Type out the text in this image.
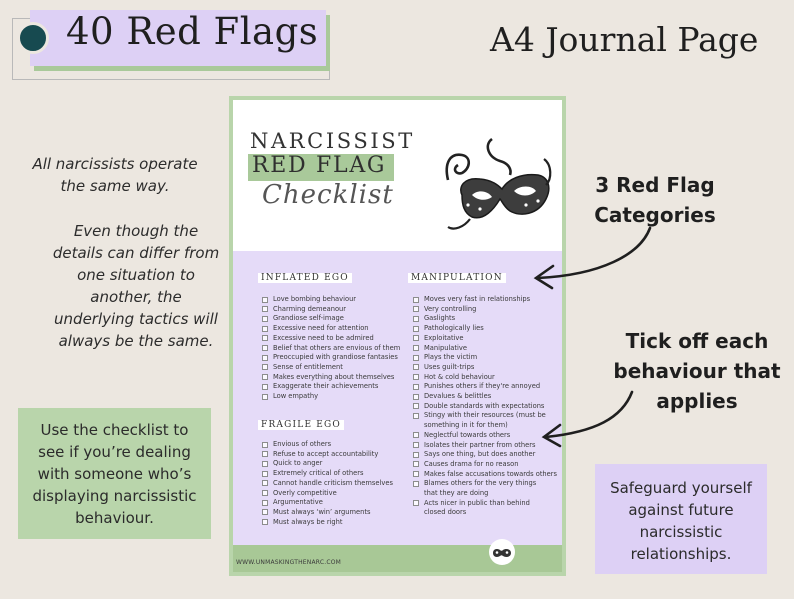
40 Red Flags	A4 Journal Page
All narcissists operate the same way.
Even though the details can differ from one situation to another, the underlying tactics will always be the same.
Use the checklist to see if you’re dealing with someone who’s displaying narcissistic behaviour.
3 Red Flag Categories
Tick off each behaviour that applies
Safeguard yourself against future narcissistic relationships.
WWW.UNMASKINGTHENARC.COM
NARCISSIST
RED FLAG
Checklist
INFLATED EGO	MANIPULATION
FRAGILE EGO
Love bombing behaviour
Charming demeanour
Grandiose self-image
Excessive need for attention
Excessive need to be admired
Belief that others are envious of them
Preoccupied with grandiose fantasies
Sense of entitlement
Makes everything about themselves
Exaggerate their achievements
Low empathy
Envious of others
Refuse to accept accountability
Quick to anger
Extremely critical of others
Cannot handle criticism themselves
Overly competitive
Argumentative
Must always ‘win’ arguments
Must always be right
Moves very fast in relationships
Very controlling
Gaslights
Pathologically lies
Exploitative
Manipulative
Plays the victim
Uses guilt-trips
Hot & cold behaviour
Punishes others if they're annoyed
Devalues & belittles
Double standards with expectations
Stingy with their resources (must be something in it for them)
Neglectful towards others
Isolates their partner from others
Says one thing, but does another
Causes drama for no reason
Makes false accusations towards others
Blames others for the very things that they are doing
Acts nicer in public than behind closed doors
